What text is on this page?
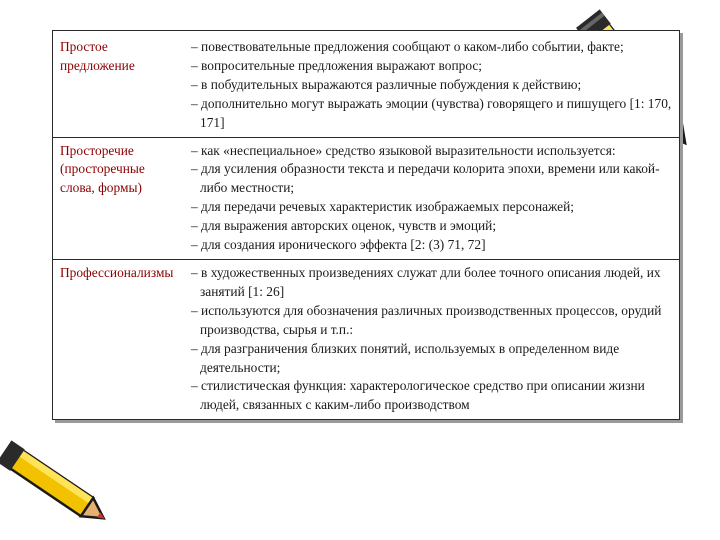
Простое предложение	– повествовательные предложения сообщают о каком-либо событии, факте;
– вопросительные предложения выражают вопрос;
– в побудительных выражаются различные побуждения к действию;
– дополнительно могут выражать эмоции (чувства) говорящего и пишущего [1: 170, 171]

Просторечие (просторечные слова, формы)	– как «неспециальное» средство языковой выразительности используется:
– для усиления образности текста и передачи колорита эпохи, времени или какой-либо местности;
– для передачи речевых характеристик изображаемых персонажей;
– для выражения авторских оценок, чувств и эмоций;
– для создания иронического эффекта [2: (3) 71, 72]

Профессионализмы	– в художественных произведениях служат дли более точного описания людей, их занятий [1: 26]
– используются для обозначения различных производственных процессов, орудий производства, сырья и т.п.:
– для разграничения близких понятий, используемых в определенном виде деятельности;
– стилистическая функция: характерологическое средство при описании жизни людей, связанных с каким-либо производством
